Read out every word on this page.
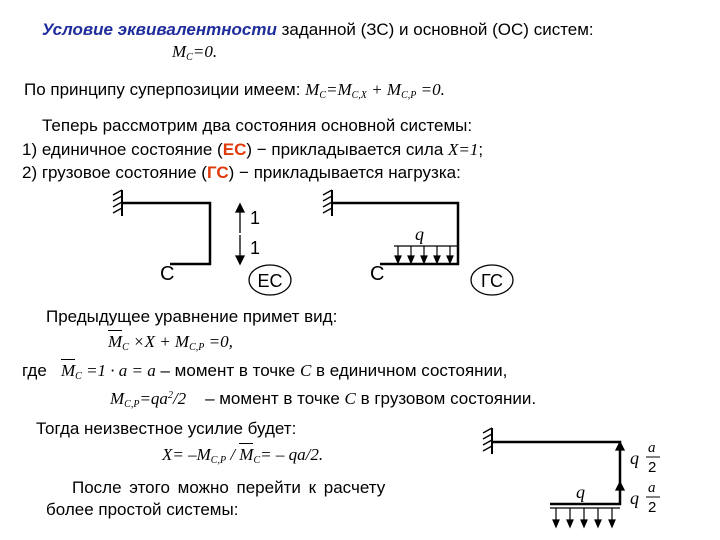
Условие эквивалентности заданной (ЗС) и основной (ОС) систем:
$M_C=0$.
По принципу суперпозиции имеем: $M_C=M_{C,X} + M_{C,P} =0$.
Теперь рассмотрим два состояния основной системы:
1) единичное состояние (ЕС) − прикладывается сила X=1;
2) грузовое состояние (ГС) − прикладывается нагрузка:
1
1
C	ЕС
q
C	ГС
Предыдущее уравнение примет вид:
$M_C \times X + M_{C,P} =0$,
где $M_C =1 \cdot a = a$ – момент в точке C в единичном состоянии,
$M_{C,P}=qa^2/2$    – момент в точке C в грузовом состоянии.
Тогда неизвестное усилие будет:
$X= -M_{C,P} / M_C= - qa/2$.
После этого можно перейти к расчету
более простой системы:
q
q a
2
q a
2
